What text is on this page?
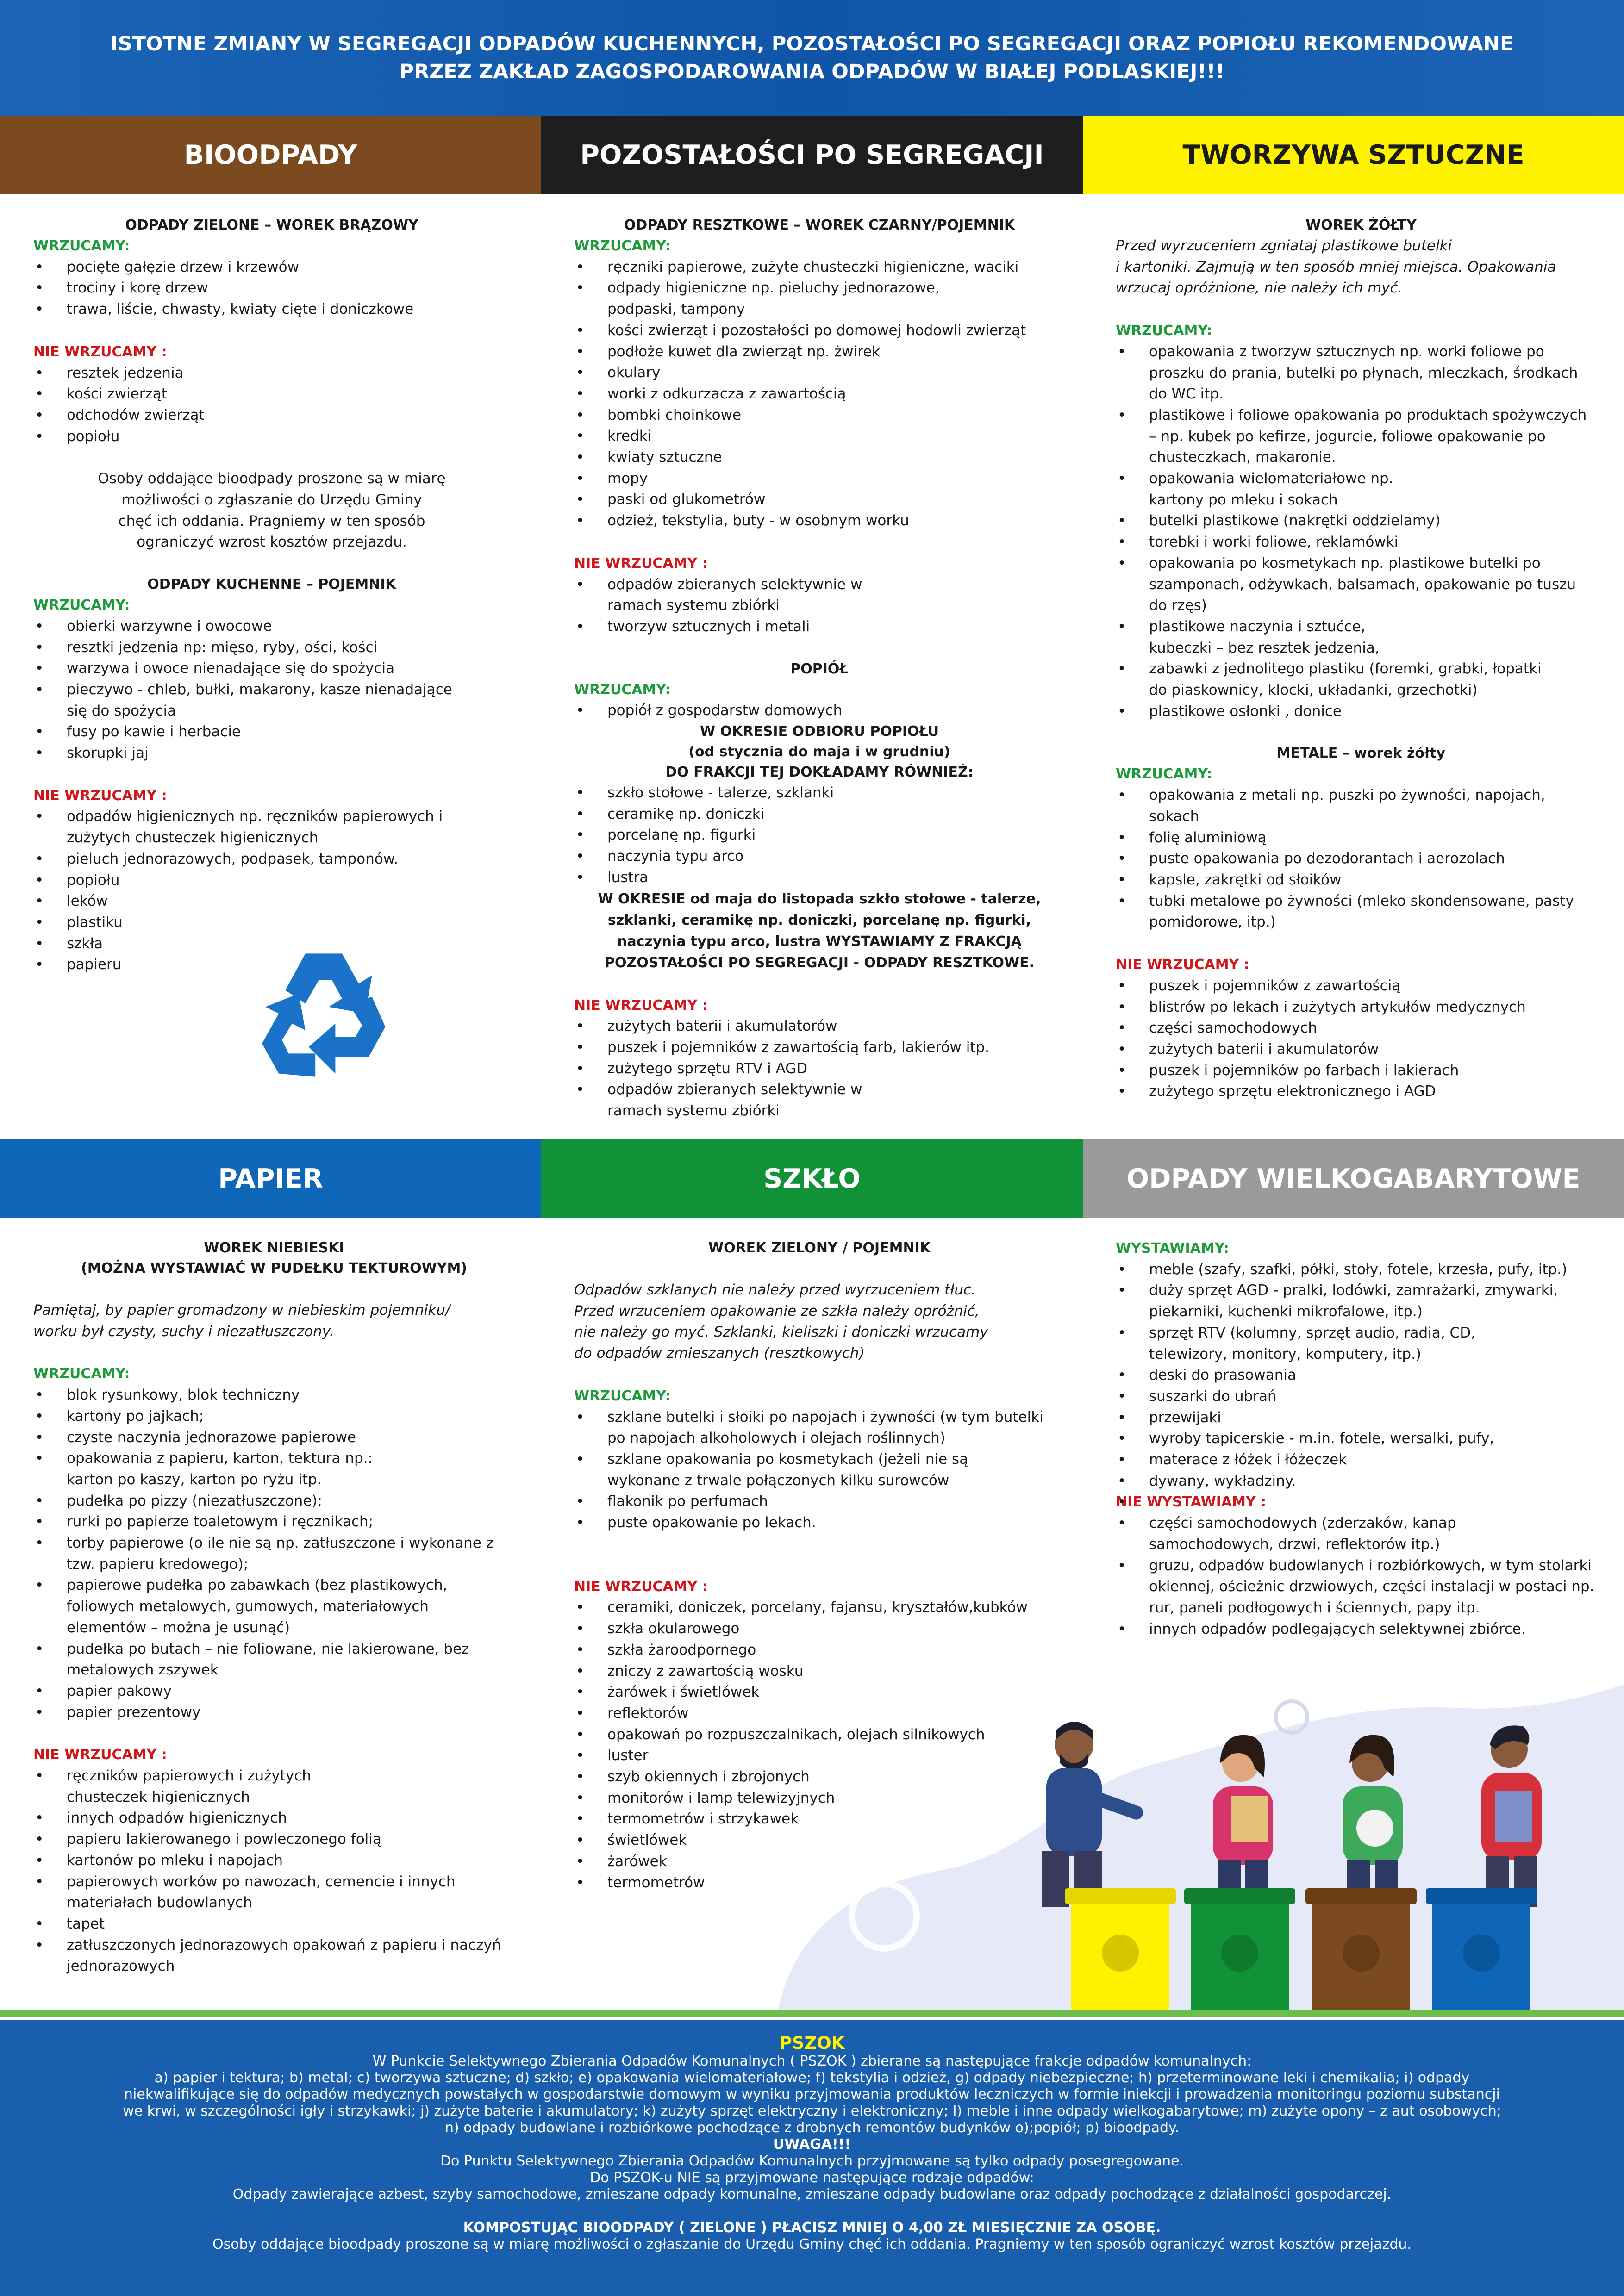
ISTOTNE ZMIANY W SEGREGACJI ODPADÓW KUCHENNYCH, POZOSTAŁOŚCI PO SEGREGACJI ORAZ POPIOŁU REKOMENDOWANE
PRZEZ ZAKŁAD ZAGOSPODAROWANIA ODPADÓW W BIAŁEJ PODLASKIEJ!!!
BIOODPADY	POZOSTAŁOŚCI PO SEGREGACJI	TWORZYWA SZTUCZNE
ODPADY ZIELONE – WOREK BRĄZOWY
WRZUCAMY:
• pocięte gałęzie drzew i krzewów
• trociny i korę drzew
• trawa, liście, chwasty, kwiaty cięte i doniczkowe
NIE WRZUCAMY :
• resztek jedzenia
• kości zwierząt
• odchodów zwierząt
• popiołu

Osoby oddające bioodpady proszone są w miarę
możliwości o zgłaszanie do Urzędu Gminy
chęć ich oddania. Pragniemy w ten sposób
ograniczyć wzrost kosztów przejazdu.

ODPADY KUCHENNE – POJEMNIK
WRZUCAMY:
• obierki warzywne i owocowe
• resztki jedzenia np: mięso, ryby, ości, kości
• warzywa i owoce nienadające się do spożycia
• pieczywo - chleb, bułki, makarony, kasze nienadające się do spożycia
• fusy po kawie i herbacie
• skorupki jaj
NIE WRZUCAMY :
• odpadów higienicznych np. ręczników papierowych i zużytych chusteczek higienicznych
• pieluch jednorazowych, podpasek, tamponów.
• popiołu
• leków
• plastiku
• szkła
• papieru
ODPADY RESZTKOWE – WOREK CZARNY/POJEMNIK
WRZUCAMY:
• ręczniki papierowe, zużyte chusteczki higieniczne, waciki
• odpady higieniczne np. pieluchy jednorazowe, podpaski, tampony
• kości zwierząt i pozostałości po domowej hodowli zwierząt
• podłoże kuwet dla zwierząt np. żwirek
• okulary
• worki z odkurzacza z zawartością
• bombki choinkowe
• kredki
• kwiaty sztuczne
• mopy
• paski od glukometrów
• odzież, tekstylia, buty - w osobnym worku
NIE WRZUCAMY :
• odpadów zbieranych selektywnie w ramach systemu zbiórki
• tworzyw sztucznych i metali
POPIÓŁ
WRZUCAMY:
• popiół z gospodarstw domowych

W OKRESIE ODBIORU POPIOŁU
(od stycznia do maja i w grudniu)
DO FRAKCJI TEJ DOKŁADAMY RÓWNIEŻ:

• szkło stołowe - talerze, szklanki
• ceramikę np. doniczki
• porcelanę np. figurki
• naczynia typu arco
• lustra

W OKRESIE od maja do listopada szkło stołowe - talerze,
szklanki, ceramikę np. doniczki, porcelanę np. figurki,
naczynia typu arco, lustra WYSTAWIAMY Z FRAKCJĄ
POZOSTAŁOŚCI PO SEGREGACJI - ODPADY RESZTKOWE.

NIE WRZUCAMY :
• zużytych baterii i akumulatorów
• puszek i pojemników z zawartością farb, lakierów itp.
• zużytego sprzętu RTV i AGD
• odpadów zbieranych selektywnie w ramach systemu zbiórki
WOREK ŻÓŁTY

Przed wyrzuceniem zgniataj plastikowe butelki
i kartoniki. Zajmują w ten sposób mniej miejsca. Opakowania
wrzucaj opróżnione, nie należy ich myć.

WRZUCAMY:
• opakowania z tworzyw sztucznych np. worki foliowe po proszku do prania, butelki po płynach, mleczkach, środkach do WC itp.
• plastikowe i foliowe opakowania po produktach spożywczych – np. kubek po kefirze, jogurcie, foliowe opakowanie po chusteczkach, makaronie.
• opakowania wielomateriałowe np. kartony po mleku i sokach
• butelki plastikowe (nakrętki oddzielamy)
• torebki i worki foliowe, reklamówki
• opakowania po kosmetykach np. plastikowe butelki po szamponach, odżywkach, balsamach, opakowanie po tuszu do rzęs)
• plastikowe naczynia i sztućce, kubeczki – bez resztek jedzenia,
• zabawki z jednolitego plastiku (foremki, grabki, łopatki do piaskownicy, klocki, układanki, grzechotki)
• plastikowe osłonki , donice
METALE – worek żółty
WRZUCAMY:
• opakowania z metali np. puszki po żywności, napojach, sokach
• folię aluminiową
• puste opakowania po dezodorantach i aerozolach
• kapsle, zakrętki od słoików
• tubki metalowe po żywności (mleko skondensowane, pasty pomidorowe, itp.)
NIE WRZUCAMY :
• puszek i pojemników z zawartością
• blistrów po lekach i zużytych artykułów medycznych
• części samochodowych
• zużytych baterii i akumulatorów
• puszek i pojemników po farbach i lakierach
• zużytego sprzętu elektronicznego i AGD
PAPIER	SZKŁO	ODPADY WIELKOGABARYTOWE
WOREK NIEBIESKI
(MOŻNA WYSTAWIAĆ W PUDEŁKU TEKTUROWYM)

Pamiętaj, by papier gromadzony w niebieskim pojemniku/
worku był czysty, suchy i niezatłuszczony.

WRZUCAMY:
• blok rysunkowy, blok techniczny
• kartony po jajkach;
• czyste naczynia jednorazowe papierowe
• opakowania z papieru, karton, tektura np.: karton po kaszy, karton po ryżu itp.
• pudełka po pizzy (niezatłuszczone);
• rurki po papierze toaletowym i ręcznikach;
• torby papierowe (o ile nie są np. zatłuszczone i wykonane z tzw. papieru kredowego);
• papierowe pudełka po zabawkach (bez plastikowych, foliowych metalowych, gumowych, materiałowych elementów – można je usunąć)
• pudełka po butach – nie foliowane, nie lakierowane, bez metalowych zszywek
• papier pakowy
• papier prezentowy
NIE WRZUCAMY :
• ręczników papierowych i zużytych chusteczek higienicznych
• innych odpadów higienicznych
• papieru lakierowanego i powleczonego folią
• kartonów po mleku i napojach
• papierowych worków po nawozach, cemencie i innych materiałach budowlanych
• tapet
• zatłuszczonych jednorazowych opakowań z papieru i naczyń jednorazowych
WOREK ZIELONY / POJEMNIK

Odpadów szklanych nie należy przed wyrzuceniem tłuc.
Przed wrzuceniem opakowanie ze szkła należy opróżnić,
nie należy go myć. Szklanki, kieliszki i doniczki wrzucamy
do odpadów zmieszanych (resztkowych)

WRZUCAMY:
• szklane butelki i słoiki po napojach i żywności (w tym butelki po napojach alkoholowych i olejach roślinnych)
• szklane opakowania po kosmetykach (jeżeli nie są wykonane z trwale połączonych kilku surowców
• flakonik po perfumach
• puste opakowanie po lekach.
NIE WRZUCAMY :
• ceramiki, doniczek, porcelany, fajansu, kryształów,kubków
• szkła okularowego
• szkła żaroodpornego
• zniczy z zawartością wosku
• żarówek i świetlówek
• reflektorów
• opakowań po rozpuszczalnikach, olejach silnikowych
• luster
• szyb okiennych i zbrojonych
• monitorów i lamp telewizyjnych
• termometrów i strzykawek
• świetlówek
• żarówek
• termometrów
WYSTAWIAMY:
• meble (szafy, szafki, półki, stoły, fotele, krzesła, pufy, itp.)
• duży sprzęt AGD - pralki, lodówki, zamrażarki, zmywarki, piekarniki, kuchenki mikrofalowe, itp.)
• sprzęt RTV (kolumny, sprzęt audio, radia, CD, telewizory, monitory, komputery, itp.)
• deski do prasowania
• suszarki do ubrań
• przewijaki
• wyroby tapicerskie - m.in. fotele, wersalki, pufy,
• materace z łóżek i łóżeczek
• dywany, wykładziny.
NIE WYSTAWIAMY :
• części samochodowych (zderzaków, kanap samochodowych, drzwi, reflektorów itp.)
• gruzu, odpadów budowlanych i rozbiórkowych, w tym stolarki okiennej, ościeżnic drzwiowych, części instalacji w postaci np. rur, paneli podłogowych i ściennych, papy itp.
• innych odpadów podlegających selektywnej zbiórce.

PSZOK

W Punkcie Selektywnego Zbierania Odpadów Komunalnych ( PSZOK ) zbierane są następujące frakcje odpadów komunalnych:

a) papier i tektura; b) metal; c) tworzywa sztuczne; d) szkło; e) opakowania wielomateriałowe; f) tekstylia i odzież, g) odpady niebezpieczne; h) przeterminowane leki i chemikalia; i) odpady

niekwalifikujące się do odpadów medycznych powstałych w gospodarstwie domowym w wyniku przyjmowania produktów leczniczych w formie iniekcji i prowadzenia monitoringu poziomu substancji

we krwi, w szczególności igły i strzykawki; j) zużyte baterie i akumulatory; k) zużyty sprzęt elektryczny i elektroniczny; l) meble i inne odpady wielkogabarytowe; m) zużyte opony – z aut osobowych;

n) odpady budowlane i rozbiórkowe pochodzące z drobnych remontów budynków o);popiół; p) bioodpady.

UWAGA!!!

Do Punktu Selektywnego Zbierania Odpadów Komunalnych przyjmowane są tylko odpady posegregowane.

Do PSZOK-u NIE są przyjmowane następujące rodzaje odpadów:

Odpady zawierające azbest, szyby samochodowe, zmieszane odpady komunalne, zmieszane odpady budowlane oraz odpady pochodzące z działalności gospodarczej.

KOMPOSTUJĄC BIOODPADY ( ZIELONE ) PŁACISZ MNIEJ O 4,00 ZŁ MIESIĘCZNIE ZA OSOBĘ.

Osoby oddające bioodpady proszone są w miarę możliwości o zgłaszanie do Urzędu Gminy chęć ich oddania. Pragniemy w ten sposób ograniczyć wzrost kosztów przejazdu.
